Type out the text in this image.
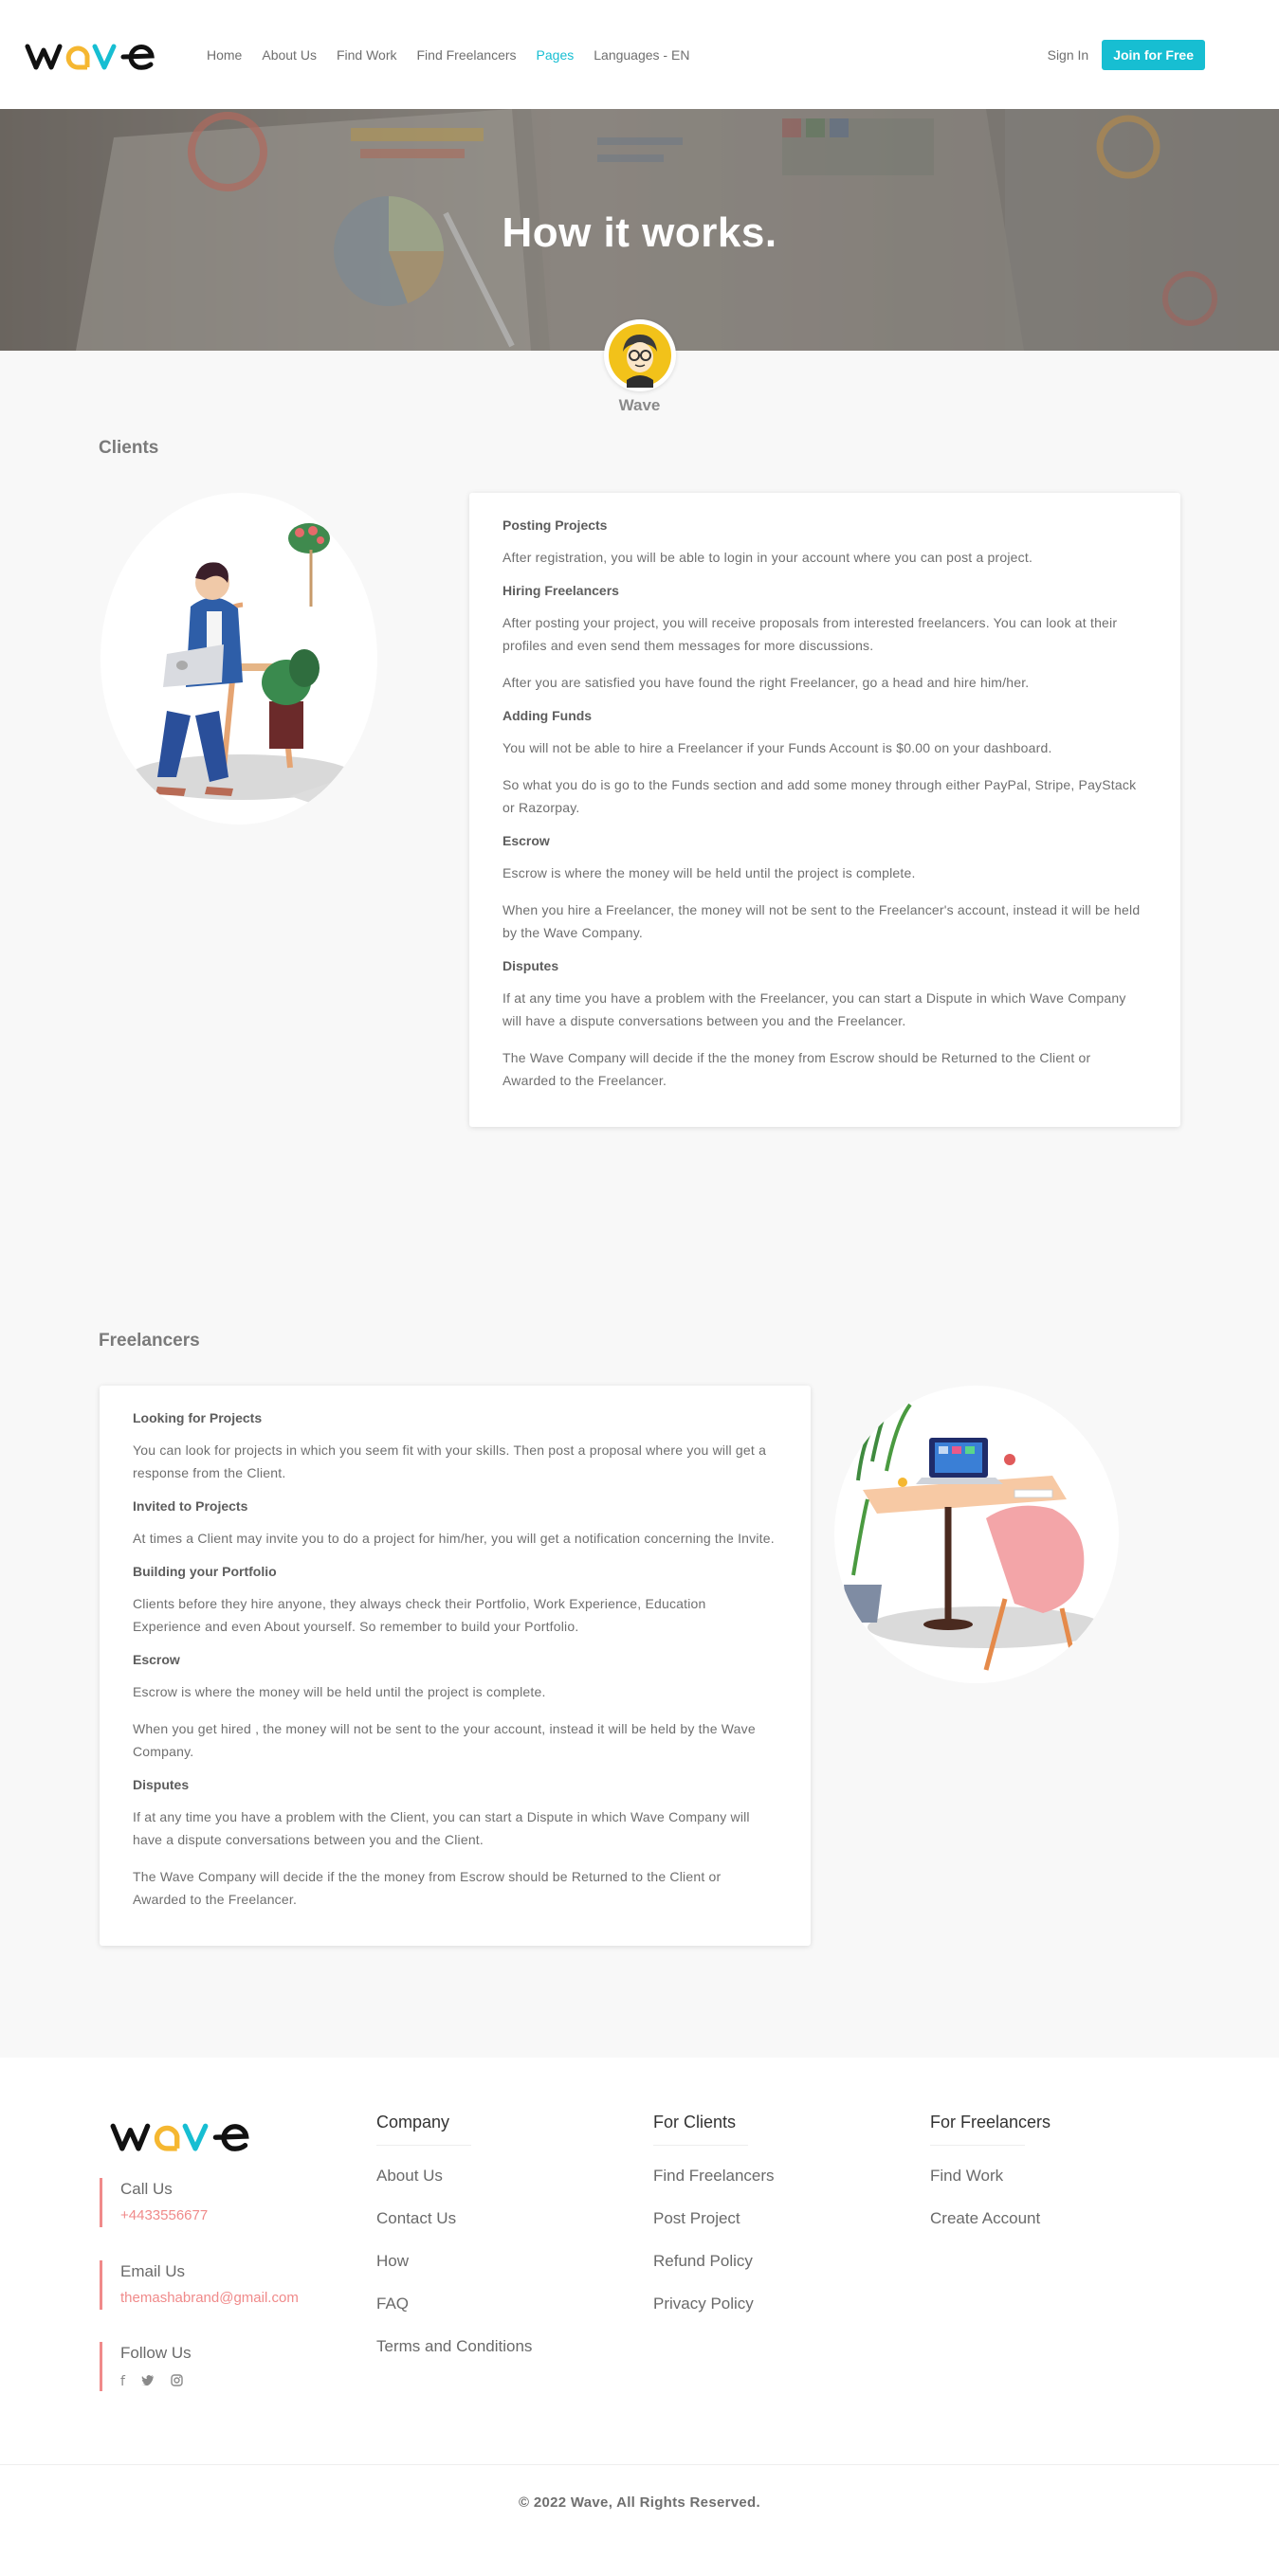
Home About Us Find Work Find Freelancers Pages Languages - EN	Sign In	Join for Free
How it works.
Wave
Clients
Posting Projects

After registration, you will be able to login in your account where you can post a project.

Hiring Freelancers

After posting your project, you will receive proposals from interested freelancers. You can look at their profiles and even send them messages for more discussions.

After you are satisfied you have found the right Freelancer, go a head and hire him/her.

Adding Funds

You will not be able to hire a Freelancer if your Funds Account is $0.00 on your dashboard.

So what you do is go to the Funds section and add some money through either PayPal, Stripe, PayStack or Razorpay.

Escrow

Escrow is where the money will be held until the project is complete.

When you hire a Freelancer, the money will not be sent to the Freelancer's account, instead it will be held by the Wave Company.

Disputes

If at any time you have a problem with the Freelancer, you can start a Dispute in which Wave Company will have a dispute conversations between you and the Freelancer.

The Wave Company will decide if the the money from Escrow should be Returned to the Client or Awarded to the Freelancer.

Freelancers
Looking for Projects

You can look for projects in which you seem fit with your skills. Then post a proposal where you will get a response from the Client.

Invited to Projects

At times a Client may invite you to do a project for him/her, you will get a notification concerning the Invite.

Building your Portfolio

Clients before they hire anyone, they always check their Portfolio, Work Experience, Education Experience and even About yourself. So remember to build your Portfolio.

Escrow

Escrow is where the money will be held until the project is complete.

When you get hired , the money will not be sent to the your account, instead it will be held by the Wave Company.

Disputes

If at any time you have a problem with the Client, you can start a Dispute in which Wave Company will have a dispute conversations between you and the Client.

The Wave Company will decide if the the money from Escrow should be Returned to the Client or Awarded to the Freelancer.

Call Us
+4433556677
Email Us
themashabrand@gmail.com
Follow Us
f
Company
About Us
Contact Us
How
FAQ
Terms and Conditions
For Clients
Find Freelancers
Post Project
Refund Policy
Privacy Policy
For Freelancers
Find Work
Create Account
© 2022 Wave, All Rights Reserved.
